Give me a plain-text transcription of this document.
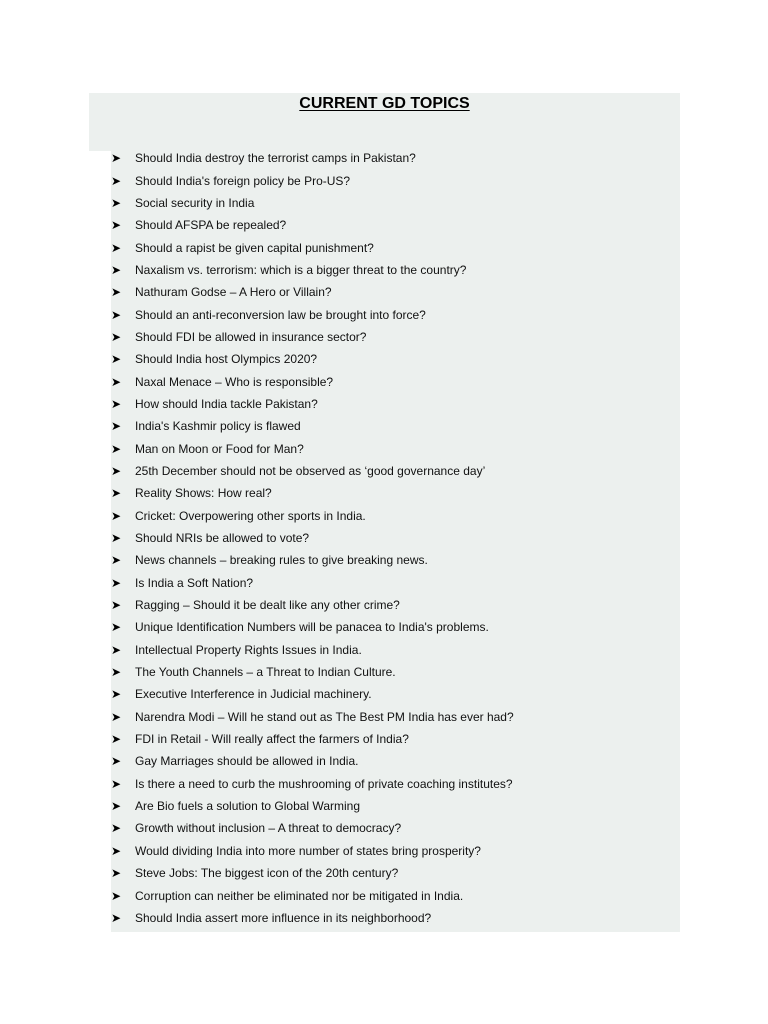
CURRENT GD TOPICS
➤	Should India destroy the terrorist camps in Pakistan?
➤	Should India's foreign policy be Pro-US?
➤	Social security in India
➤	Should AFSPA be repealed?
➤	Should a rapist be given capital punishment?
➤	Naxalism vs. terrorism: which is a bigger threat to the country?
➤	Nathuram Godse – A Hero or Villain?
➤	Should an anti-reconversion law be brought into force?
➤	Should FDI be allowed in insurance sector?
➤	Should India host Olympics 2020?
➤	Naxal Menace – Who is responsible?
➤	How should India tackle Pakistan?
➤	India's Kashmir policy is flawed
➤	Man on Moon or Food for Man?
➤	25th December should not be observed as ‘good governance day’
➤	Reality Shows: How real?
➤	Cricket: Overpowering other sports in India.
➤	Should NRIs be allowed to vote?
➤	News channels – breaking rules to give breaking news.
➤	Is India a Soft Nation?
➤	Ragging – Should it be dealt like any other crime?
➤	Unique Identification Numbers will be panacea to India's problems.
➤	Intellectual Property Rights Issues in India.
➤	The Youth Channels – a Threat to Indian Culture.
➤	Executive Interference in Judicial machinery.
➤	Narendra Modi – Will he stand out as The Best PM India has ever had?
➤	FDI in Retail - Will really affect the farmers of India?
➤	Gay Marriages should be allowed in India.
➤	Is there a need to curb the mushrooming of private coaching institutes?
➤	Are Bio fuels a solution to Global Warming
➤	Growth without inclusion – A threat to democracy?
➤	Would dividing India into more number of states bring prosperity?
➤	Steve Jobs: The biggest icon of the 20th century?
➤	Corruption can neither be eliminated nor be mitigated in India.
➤	Should India assert more influence in its neighborhood?
